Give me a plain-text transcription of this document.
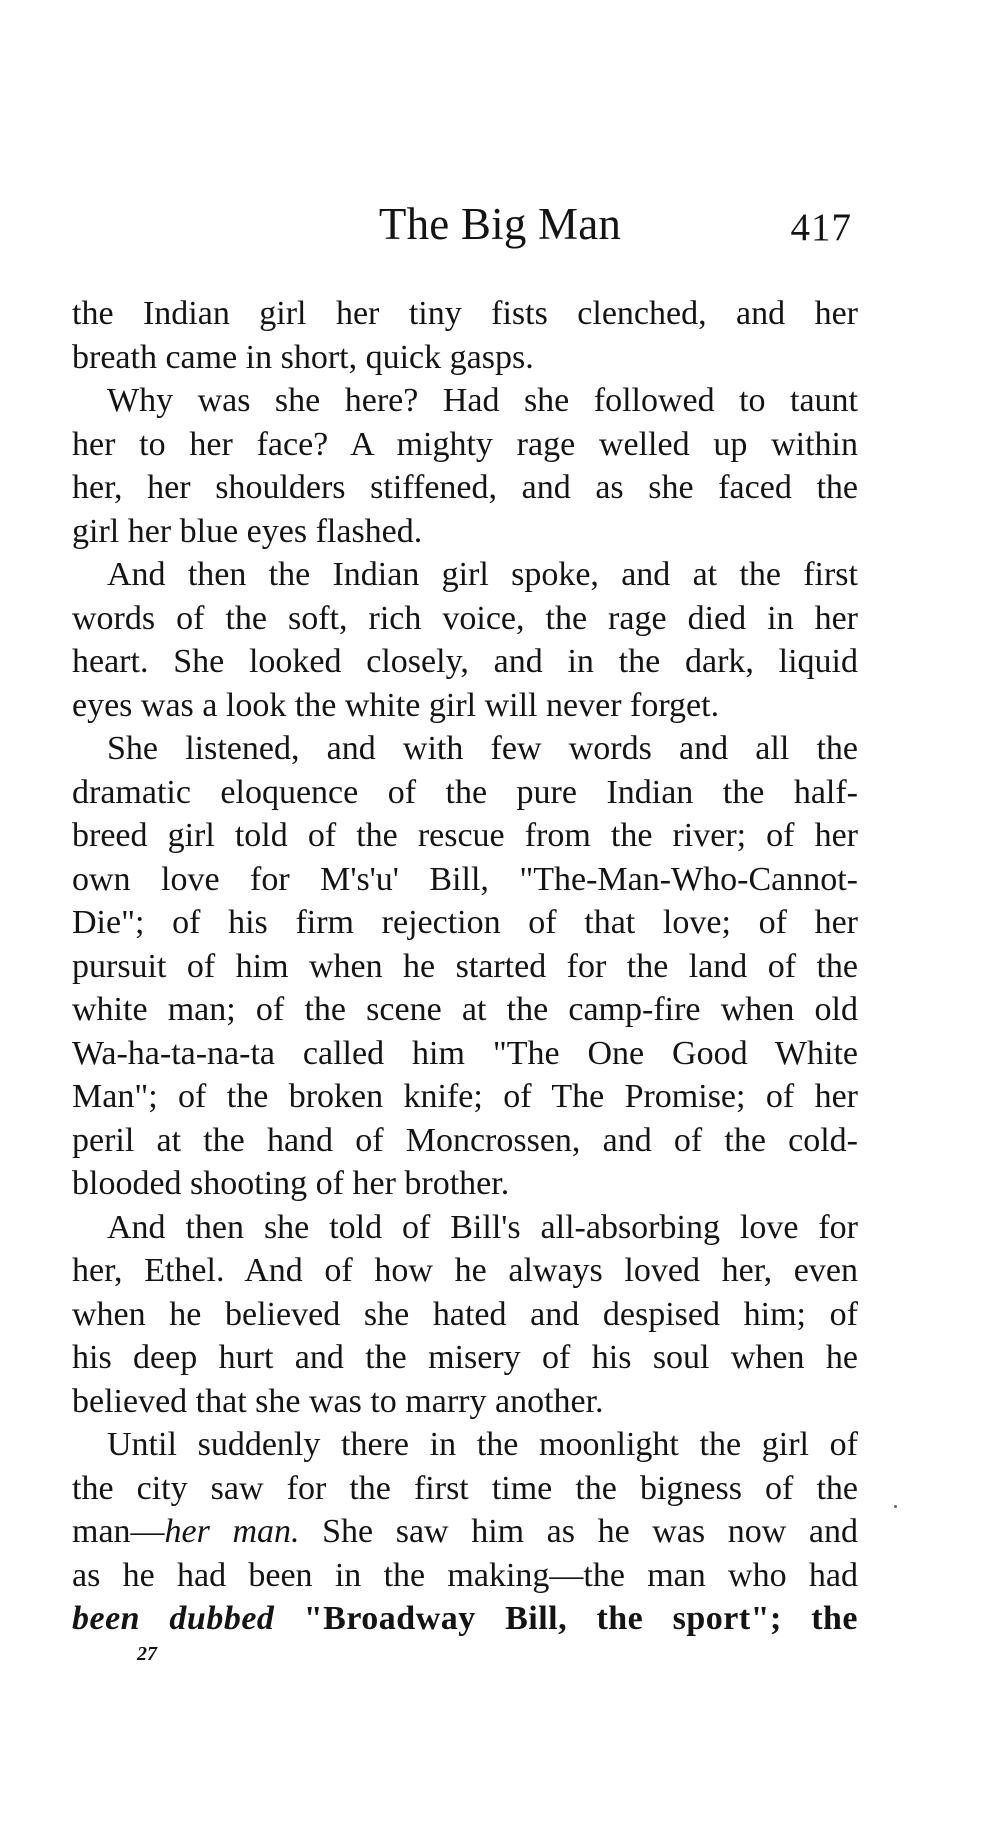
The Big Man	417
the Indian girl her tiny fists clenched, and her
breath came in short, quick gasps.
Why was she here? Had she followed to taunt
her to her face? A mighty rage welled up within
her, her shoulders stiffened, and as she faced the
girl her blue eyes flashed.
And then the Indian girl spoke, and at the first
words of the soft, rich voice, the rage died in her
heart. She looked closely, and in the dark, liquid
eyes was a look the white girl will never forget.
She listened, and with few words and all the
dramatic eloquence of the pure Indian the half-
breed girl told of the rescue from the river; of her
own love for M's'u' Bill, "The-Man-Who-Cannot-
Die"; of his firm rejection of that love; of her
pursuit of him when he started for the land of the
white man; of the scene at the camp-fire when old
Wa-ha-ta-na-ta called him "The One Good White
Man"; of the broken knife; of The Promise; of her
peril at the hand of Moncrossen, and of the cold-
blooded shooting of her brother.
And then she told of Bill's all-absorbing love for
her, Ethel. And of how he always loved her, even
when he believed she hated and despised him; of
his deep hurt and the misery of his soul when he
believed that she was to marry another.
Until suddenly there in the moonlight the girl of
the city saw for the first time the bigness of the
man—her man. She saw him as he was now and
as he had been in the making—the man who had
been dubbed "Broadway Bill, the sport"; the
27
